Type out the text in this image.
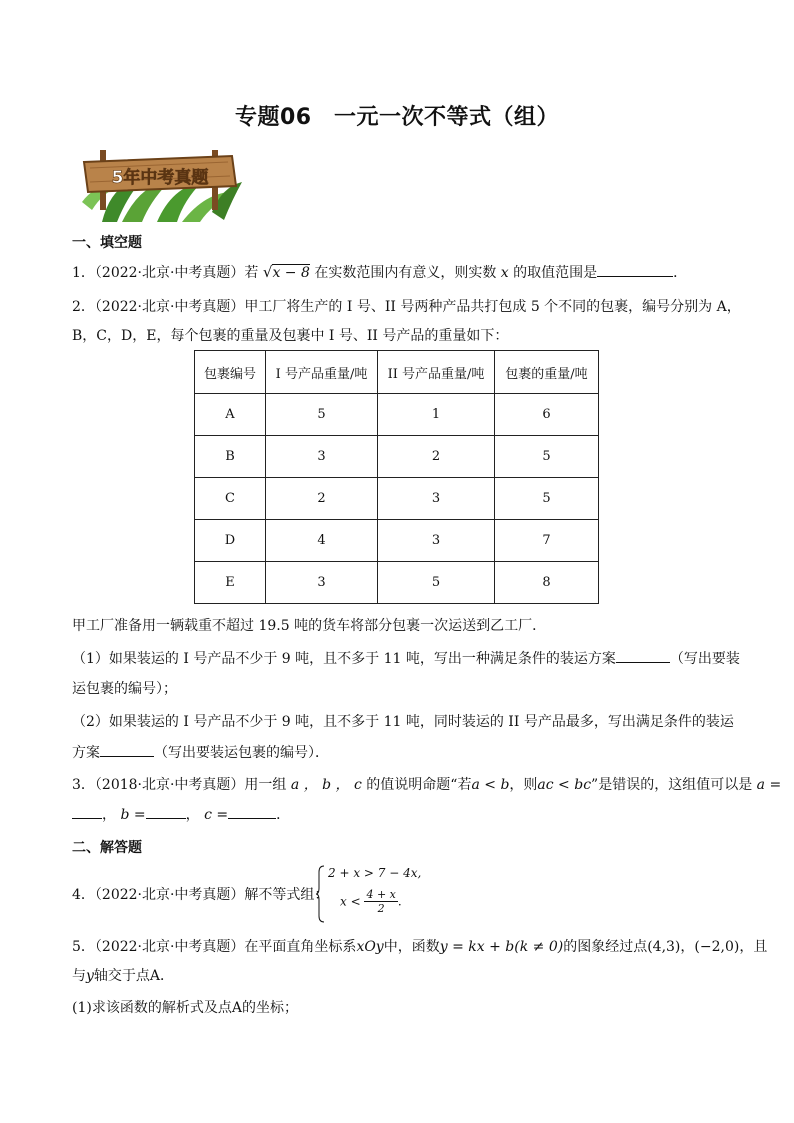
专题06　一元一次不等式（组）
5年中考真题
一、填空题
1．（2022·北京·中考真题）若 √x − 8 在实数范围内有意义，则实数 x 的取值范围是	．
2．（2022·北京·中考真题）甲工厂将生产的 I 号、II 号两种产品共打包成 5 个不同的包裹，编号分别为 A，
B，C，D，E，每个包裹的重量及包裹中 I 号、II 号产品的重量如下：
包裹编号	I 号产品重量/吨	II 号产品重量/吨	包裹的重量/吨
A	5	1	6
B	3	2	5
C	2	3	5
D	4	3	7
E	3	5	8
甲工厂准备用一辆载重不超过 19.5 吨的货车将部分包裹一次运送到乙工厂．
（1）如果装运的 I 号产品不少于 9 吨，且不多于 11 吨，写出一种满足条件的装运方案	（写出要装
运包裹的编号）；
（2）如果装运的 I 号产品不少于 9 吨，且不多于 11 吨，同时装运的 II 号产品最多，写出满足条件的装运
方案	（写出要装运包裹的编号）．
3．（2018·北京·中考真题）用一组 a ， b ， c 的值说明命题“若a < b，则ac < bc”是错误的，这组值可以是 a =
， b =	， c =	．
二、解答题
4．（2022·北京·中考真题）解不等式组：
2 + x > 7 − 4x,
$x < \frac{4 + x}{2}$ .
5．（2022·北京·中考真题）在平面直角坐标系xOy中，函数y = kx + b(k ≠ 0)的图象经过点(4,3)，(−2,0)，且
与y轴交于点A．
(1)求该函数的解析式及点A的坐标；
